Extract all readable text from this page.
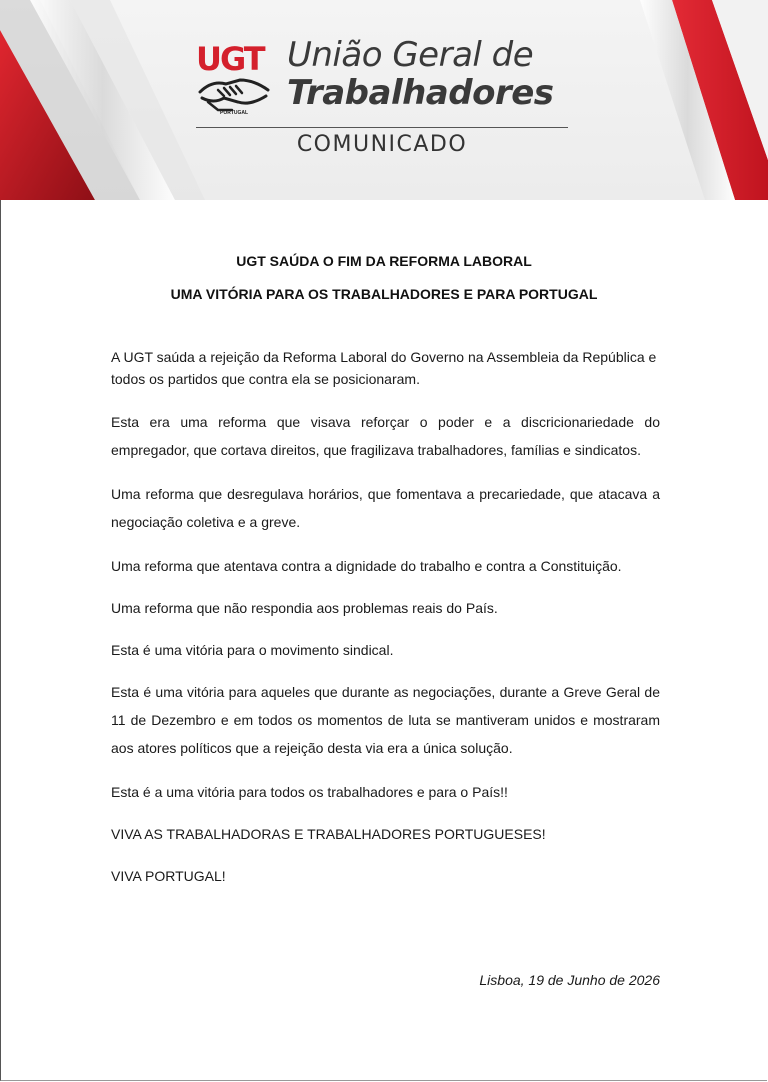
UGT
PORTUGAL
União Geral de
Trabalhadores
COMUNICADO
UGT SAÚDA O FIM DA REFORMA LABORAL
UMA VITÓRIA PARA OS TRABALHADORES E PARA PORTUGAL

A UGT saúda a rejeição da Reforma Laboral do Governo na Assembleia da República e todos os partidos que contra ela se posicionaram.

Esta era uma reforma que visava reforçar o poder e a discricionariedade do empregador, que cortava direitos, que fragilizava trabalhadores, famílias e sindicatos.

Uma reforma que desregulava horários, que fomentava a precariedade, que atacava a negociação coletiva e a greve.

Uma reforma que atentava contra a dignidade do trabalho e contra a Constituição.

Uma reforma que não respondia aos problemas reais do País.

Esta é uma vitória para o movimento sindical.

Esta é uma vitória para aqueles que durante as negociações, durante a Greve Geral de 11 de Dezembro e em todos os momentos de luta se mantiveram unidos e mostraram aos atores políticos que a rejeição desta via era a única solução.

Esta é a uma vitória para todos os trabalhadores e para o País!!

VIVA AS TRABALHADORAS E TRABALHADORES PORTUGUESES!

VIVA PORTUGAL!

Lisboa, 19 de Junho de 2026
